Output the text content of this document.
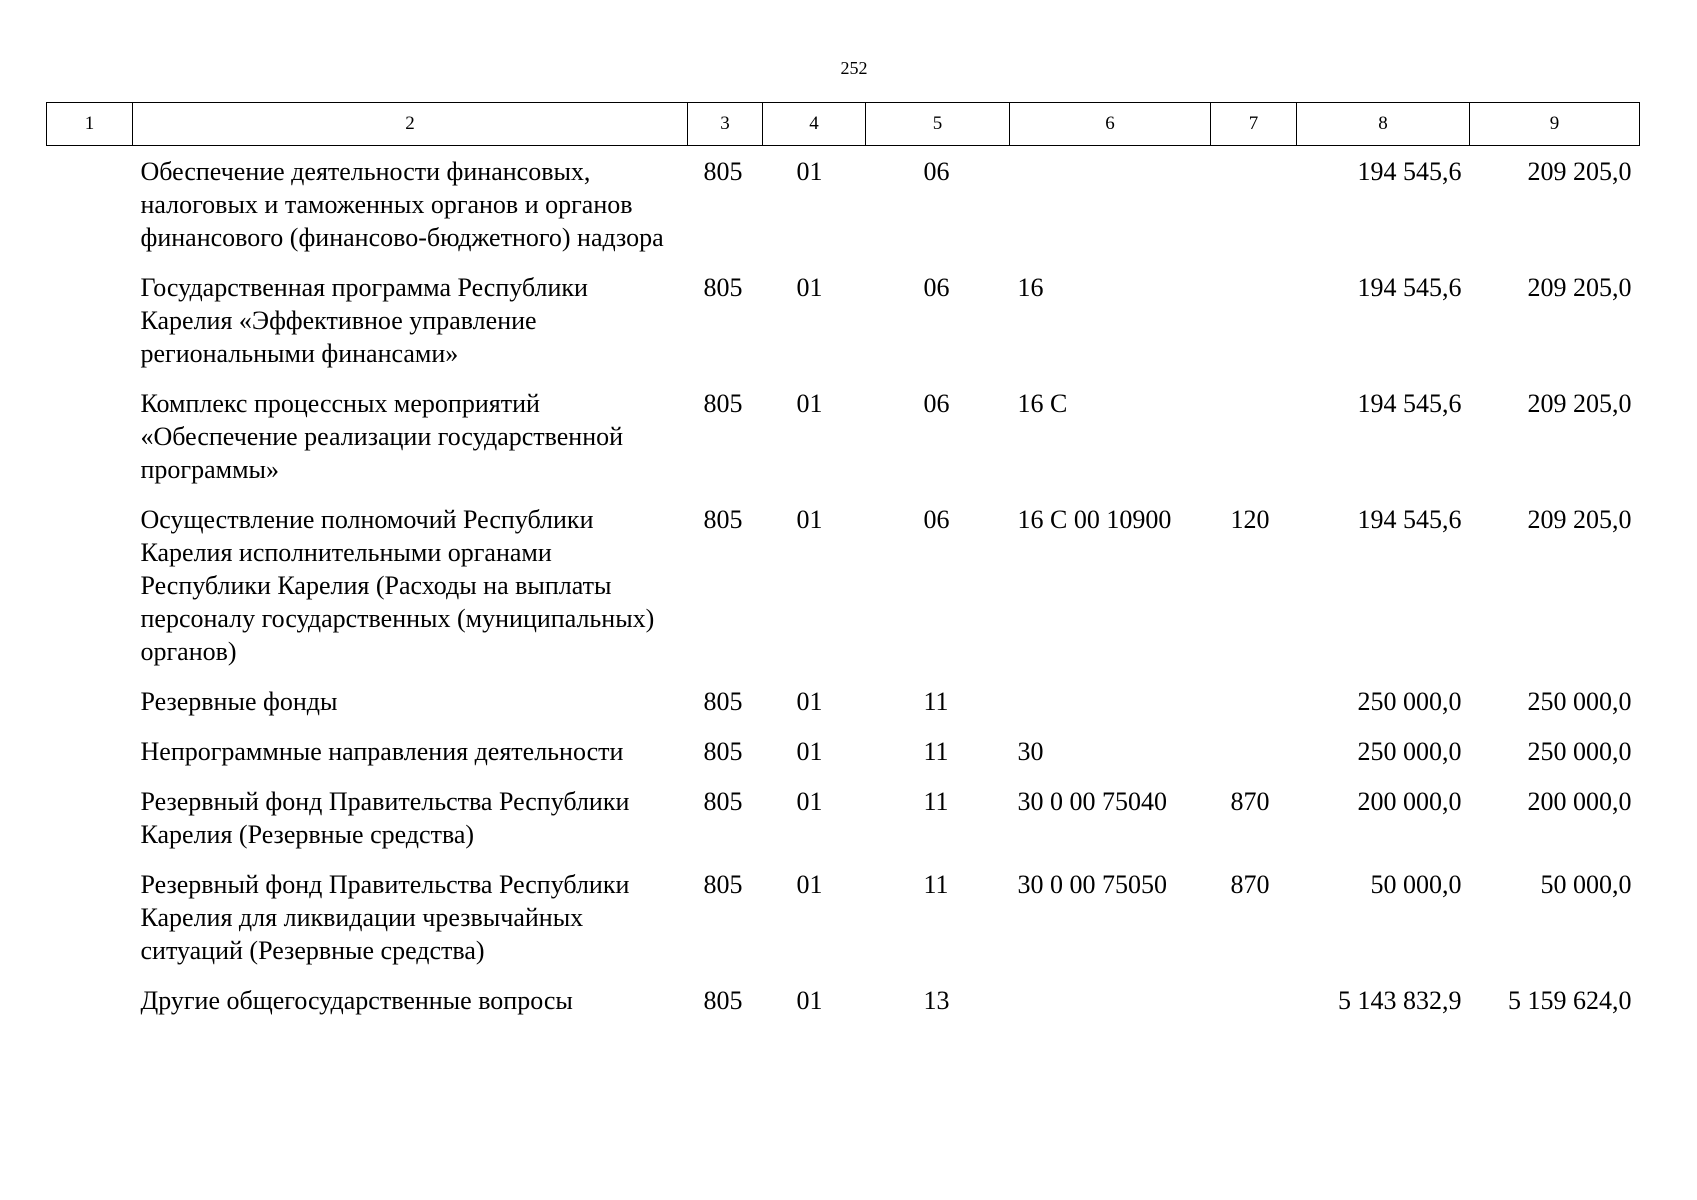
252
1	2	3	4	5	6	7	8	9
	Обеспечение деятельности финансовых, налоговых и таможенных органов и органов финансового (финансово-бюджетного) надзора	805	01	06			194 545,6	209 205,0
	Государственная программа Республики Карелия «Эффективное управление региональными финансами»	805	01	06	16		194 545,6	209 205,0
	Комплекс процессных мероприятий «Обеспечение реализации государственной программы»	805	01	06	16 С		194 545,6	209 205,0
	Осуществление полномочий Республики Карелия исполнительными органами Республики Карелия (Расходы на выплаты персоналу государственных (муниципальных) органов)	805	01	06	16 С 00 10900	120	194 545,6	209 205,0
	Резервные фонды	805	01	11			250 000,0	250 000,0
	Непрограммные направления деятельности	805	01	11	30		250 000,0	250 000,0
	Резервный фонд Правительства Республики Карелия (Резервные средства)	805	01	11	30 0 00 75040	870	200 000,0	200 000,0
	Резервный фонд Правительства Республики Карелия для ликвидации чрезвычайных ситуаций (Резервные средства)	805	01	11	30 0 00 75050	870	50 000,0	50 000,0
	Другие общегосударственные вопросы	805	01	13			5 143 832,9	5 159 624,0
